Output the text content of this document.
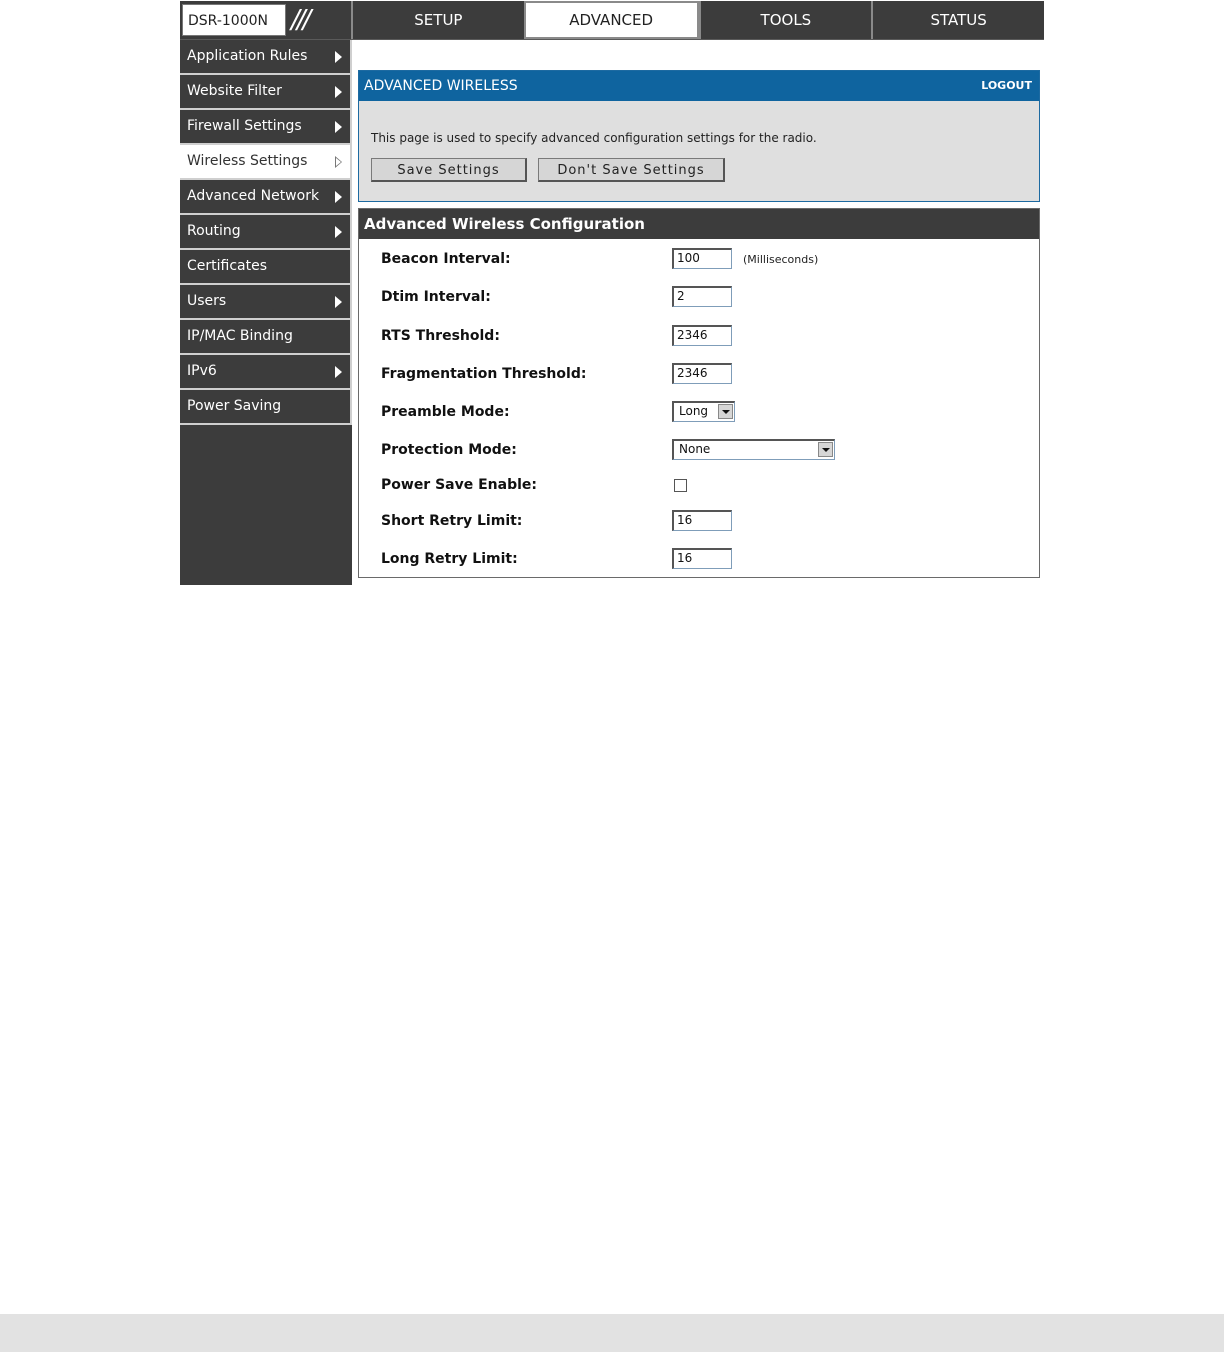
DSR-1000N ///	SETUP	ADVANCED	TOOLS	STATUS
Application Rules
Website Filter
Firewall Settings
Wireless Settings
Advanced Network
Routing
Certificates
Users
IP/MAC Binding
IPv6
Power Saving
ADVANCED WIRELESS	LOGOUT
This page is used to specify advanced configuration settings for the radio.
Save Settings	Don't Save Settings
Advanced Wireless Configuration
Beacon Interval:	100	(Milliseconds)
Dtim Interval:	2
RTS Threshold:	2346
Fragmentation Threshold:	2346
Preamble Mode:	Long
Protection Mode:	None
Power Save Enable:
Short Retry Limit:	16
Long Retry Limit:	16
